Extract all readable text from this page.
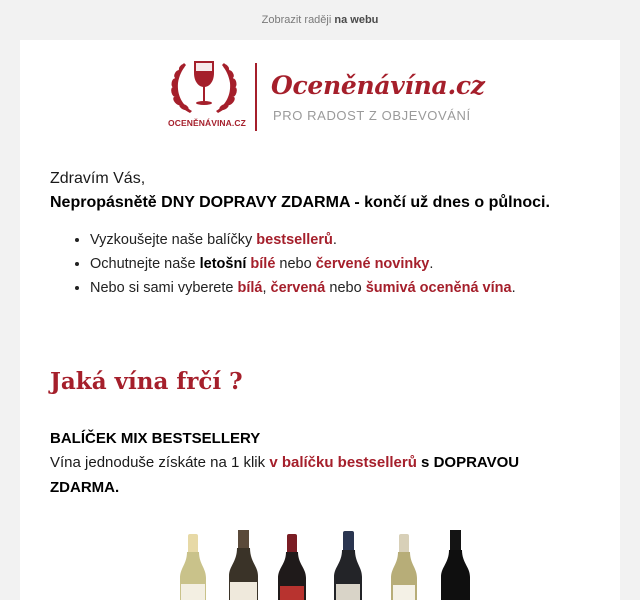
Zobrazit raději na webu
OCENĚNÁVINA.CZ
Oceněnávína.cz
PRO RADOST Z OBJEVOVÁNÍ
Zdravím Vás,
Nepropásnětě DNY DOPRAVY ZDARMA - končí už dnes o půlnoci.
• Vyzkoušejte naše balíčky bestsellerů.
• Ochutnejte naše letošní bílé nebo červené novinky.
• Nebo si sami vyberete bílá, červená nebo šumivá oceněná vína.
Jaká vína frčí ?
BALÍČEK MIX BESTSELLERY
Vína jednoduše získáte na 1 klik v balíčku bestsellerů s DOPRAVOU ZDARMA.
